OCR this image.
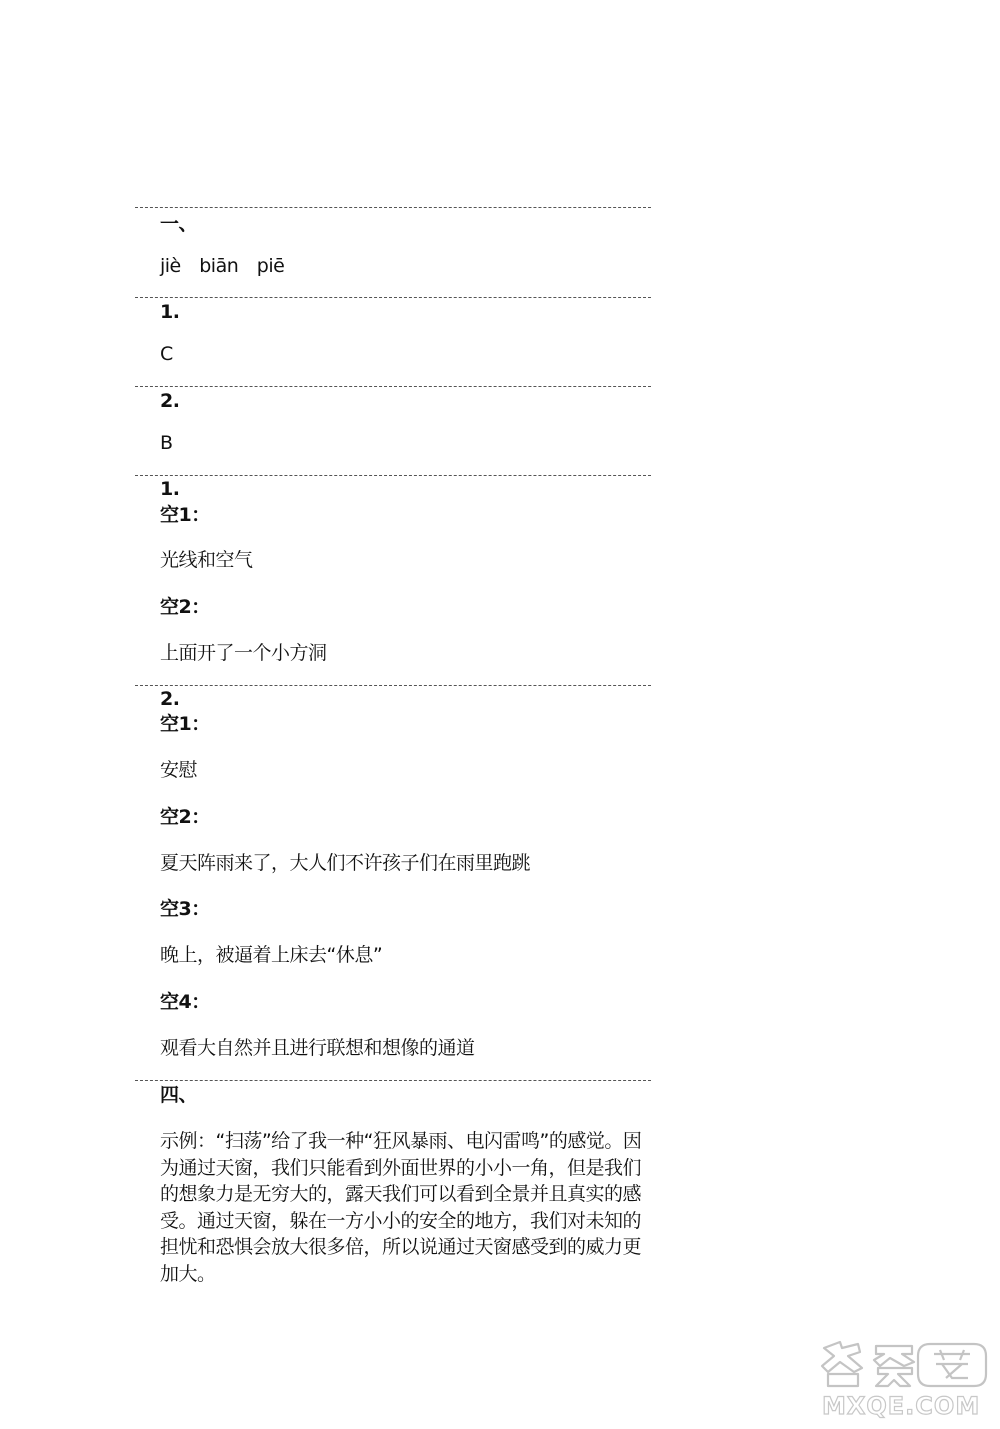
一、
jiè　biān　piē
1.
C
2.
B
1.
空1：
光线和空气
空2：
上面开了一个小方洞
2.
空1：
安慰
空2：
夏天阵雨来了，大人们不许孩子们在雨里跑跳
空3：
晚上，被逼着上床去“休息”
空4：
观看大自然并且进行联想和想像的通道
四、
示例：“扫荡”给了我一种“狂风暴雨、电闪雷鸣”的感觉。因为通过天窗，我们只能看到外面世界的小小一角，但是我们的想象力是无穷大的，露天我们可以看到全景并且真实的感受。通过天窗，躲在一方小小的安全的地方，我们对未知的担忧和恐惧会放大很多倍，所以说通过天窗感受到的威力更加大。
MXQE.COM
